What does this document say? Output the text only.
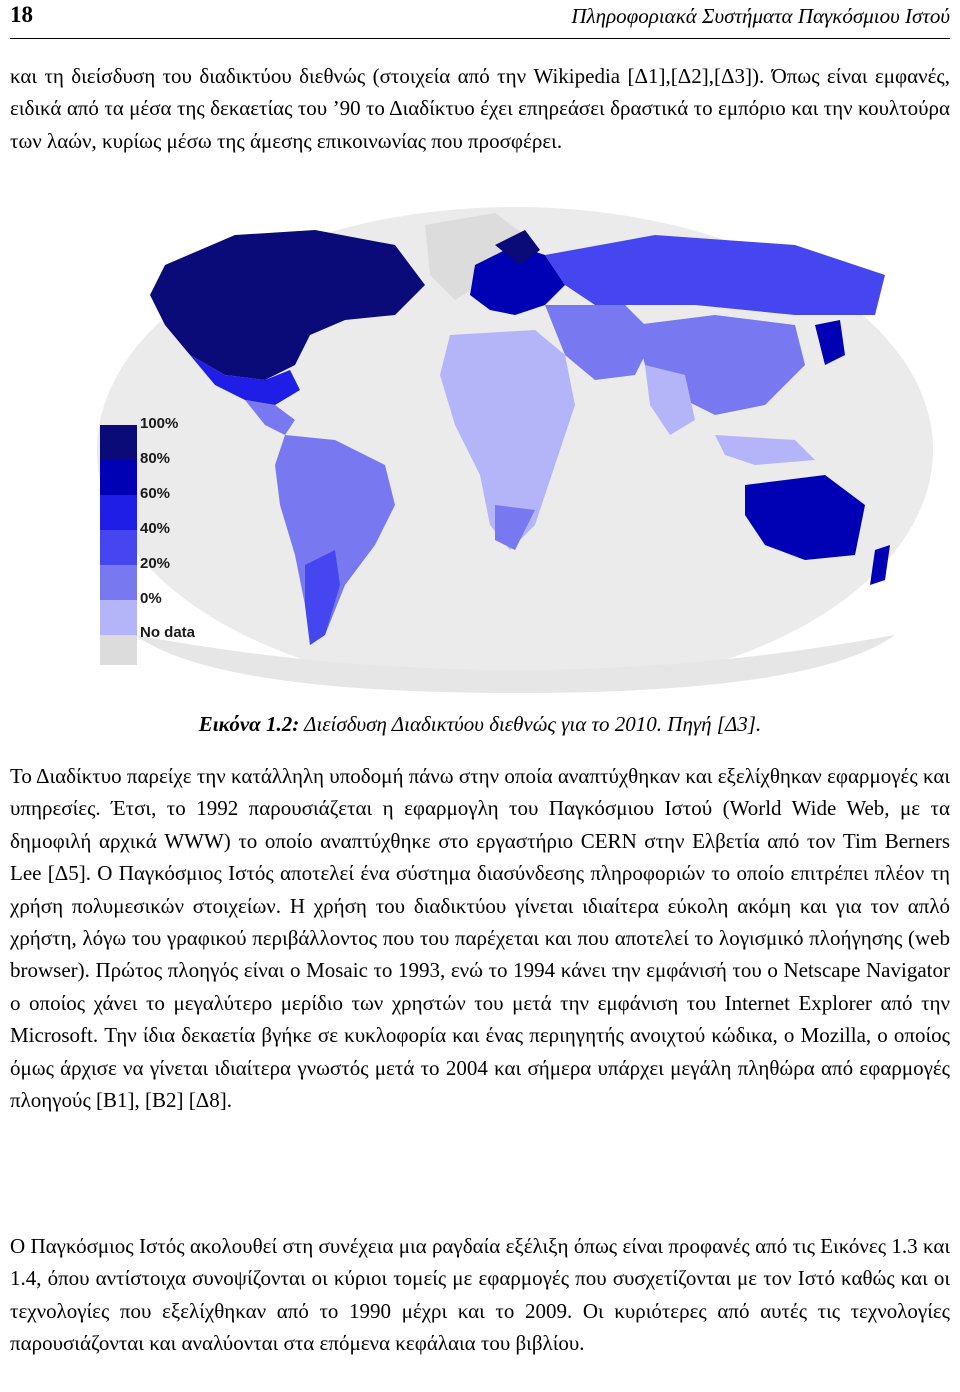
18	Πληροφοριακά Συστήματα Παγκόσμιου Ιστού

και τη διείσδυση του διαδικτύου διεθνώς (στοιχεία από την Wikipedia [Δ1],[Δ2],[Δ3]). Όπως είναι εμφανές, ειδικά από τα μέσα της δεκαετίας του ’90 το Διαδίκτυο έχει επηρεάσει δραστικά το εμπόριο και την κουλτούρα των λαών, κυρίως μέσω της άμεσης επικοινωνίας που προσφέρει.

100%
80%
60%
40%
20%
0%
No data
Εικόνα 1.2: Διείσδυση Διαδικτύου διεθνώς για το 2010. Πηγή [Δ3].

Το Διαδίκτυο παρείχε την κατάλληλη υποδομή πάνω στην οποία αναπτύχθηκαν και εξελίχθηκαν εφαρμογές και υπηρεσίες. Έτσι, το 1992 παρουσιάζεται η εφαρμογλη του Παγκόσμιου Ιστού (World Wide Web, με τα δημοφιλή αρχικά WWW) το οποίο αναπτύχθηκε στο εργαστήριο CERN στην Ελβετία από τον Tim Berners Lee [Δ5]. Ο Παγκόσμιος Ιστός αποτελεί ένα σύστημα διασύνδεσης πληροφοριών το οποίο επιτρέπει πλέον τη χρήση πολυμεσικών στοιχείων. Η χρήση του διαδικτύου γίνεται ιδιαίτερα εύκολη ακόμη και για τον απλό χρήστη, λόγω του γραφικού περιβάλλοντος που του παρέχεται και που αποτελεί το λογισμικό πλοήγησης (web browser). Πρώτος πλοηγός είναι ο Mosaic το 1993, ενώ το 1994 κάνει την εμφάνισή του ο Netscape Navigator ο οποίος χάνει το μεγαλύτερο μερίδιο των χρηστών του μετά την εμφάνιση του Internet Explorer από την Microsoft. Την ίδια δεκαετία βγήκε σε κυκλοφορία και ένας περιηγητής ανοιχτού κώδικα, ο Mozilla, ο οποίος όμως άρχισε να γίνεται ιδιαίτερα γνωστός μετά το 2004 και σήμερα υπάρχει μεγάλη πληθώρα από εφαρμογές πλοηγούς [Β1], [Β2] [Δ8].

Ο Παγκόσμιος Ιστός ακολουθεί στη συνέχεια μια ραγδαία εξέλιξη όπως είναι προφανές από τις Εικόνες 1.3 και 1.4, όπου αντίστοιχα συνοψίζονται οι κύριοι τομείς με εφαρμογές που συσχετίζονται με τον Ιστό καθώς και οι τεχνολογίες που εξελίχθηκαν από το 1990 μέχρι και το 2009. Οι κυριότερες από αυτές τις τεχνολογίες παρουσιάζονται και αναλύονται στα επόμενα κεφάλαια του βιβλίου.
